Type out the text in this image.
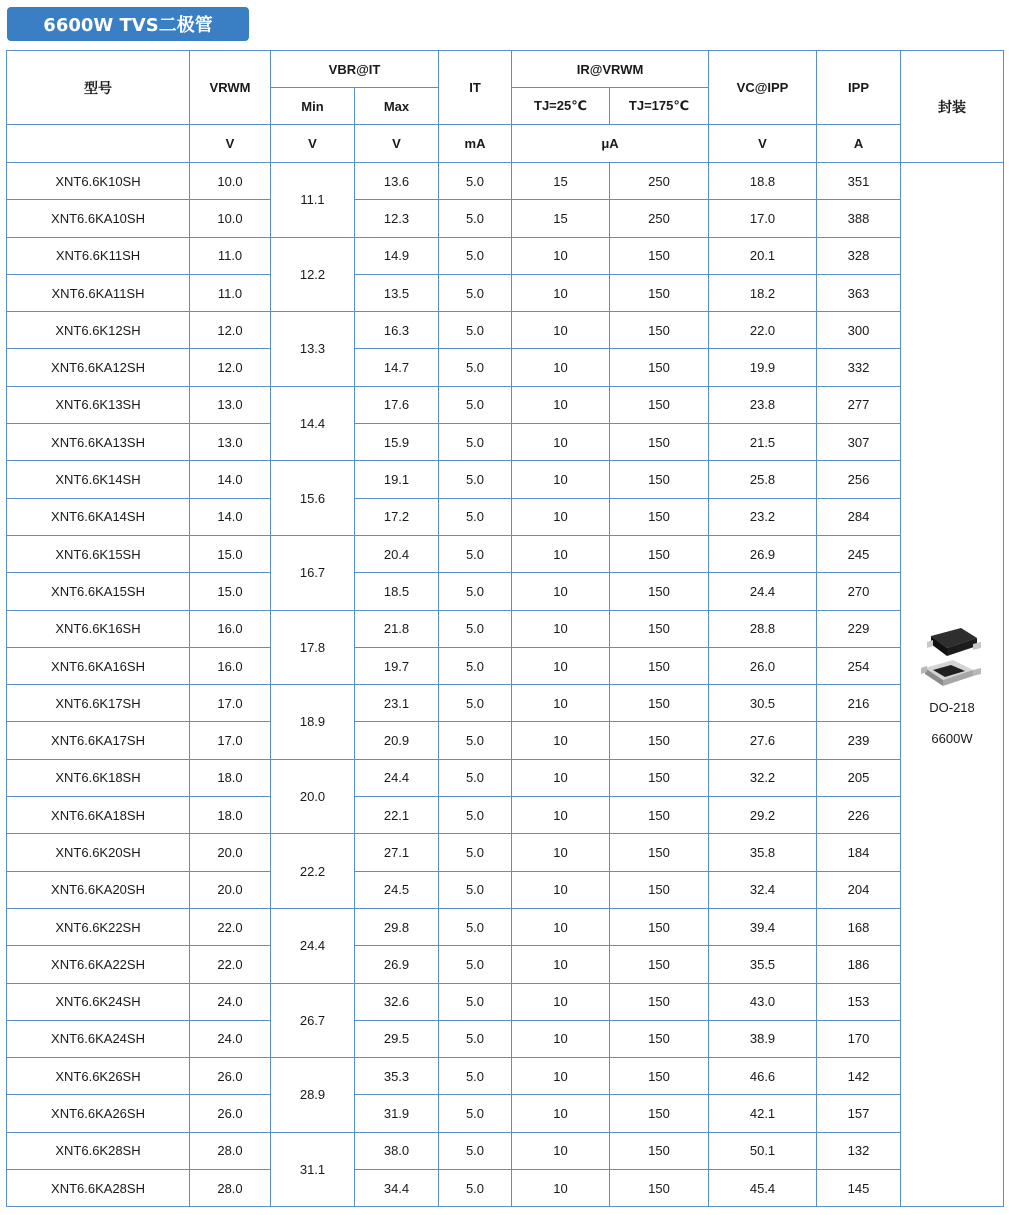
6600W TVS二极管
型号	VRWM	VBR@IT		IT	IR@VRWM		VC@IPP	IPP	封装
		Min	Max		TJ=25℃	TJ=175℃			
	V	V	V	mA	μA		V	A	
XNT6.6K10SH	10.0	11.1	13.6	5.0	15	250	18.8	351	DO-218
6600W

XNT6.6KA10SH	10.0		12.3	5.0	15	250	17.0	388	
XNT6.6K11SH	11.0	12.2	14.9	5.0	10	150	20.1	328	
XNT6.6KA11SH	11.0		13.5	5.0	10	150	18.2	363	
XNT6.6K12SH	12.0	13.3	16.3	5.0	10	150	22.0	300	
XNT6.6KA12SH	12.0		14.7	5.0	10	150	19.9	332	
XNT6.6K13SH	13.0	14.4	17.6	5.0	10	150	23.8	277	
XNT6.6KA13SH	13.0		15.9	5.0	10	150	21.5	307	
XNT6.6K14SH	14.0	15.6	19.1	5.0	10	150	25.8	256	
XNT6.6KA14SH	14.0		17.2	5.0	10	150	23.2	284	
XNT6.6K15SH	15.0	16.7	20.4	5.0	10	150	26.9	245	
XNT6.6KA15SH	15.0		18.5	5.0	10	150	24.4	270	
XNT6.6K16SH	16.0	17.8	21.8	5.0	10	150	28.8	229	
XNT6.6KA16SH	16.0		19.7	5.0	10	150	26.0	254	
XNT6.6K17SH	17.0	18.9	23.1	5.0	10	150	30.5	216	
XNT6.6KA17SH	17.0		20.9	5.0	10	150	27.6	239	
XNT6.6K18SH	18.0	20.0	24.4	5.0	10	150	32.2	205	
XNT6.6KA18SH	18.0		22.1	5.0	10	150	29.2	226	
XNT6.6K20SH	20.0	22.2	27.1	5.0	10	150	35.8	184	
XNT6.6KA20SH	20.0		24.5	5.0	10	150	32.4	204	
XNT6.6K22SH	22.0	24.4	29.8	5.0	10	150	39.4	168	
XNT6.6KA22SH	22.0		26.9	5.0	10	150	35.5	186	
XNT6.6K24SH	24.0	26.7	32.6	5.0	10	150	43.0	153	
XNT6.6KA24SH	24.0		29.5	5.0	10	150	38.9	170	
XNT6.6K26SH	26.0	28.9	35.3	5.0	10	150	46.6	142	
XNT6.6KA26SH	26.0		31.9	5.0	10	150	42.1	157	
XNT6.6K28SH	28.0	31.1	38.0	5.0	10	150	50.1	132	
XNT6.6KA28SH	28.0		34.4	5.0	10	150	45.4	145	
